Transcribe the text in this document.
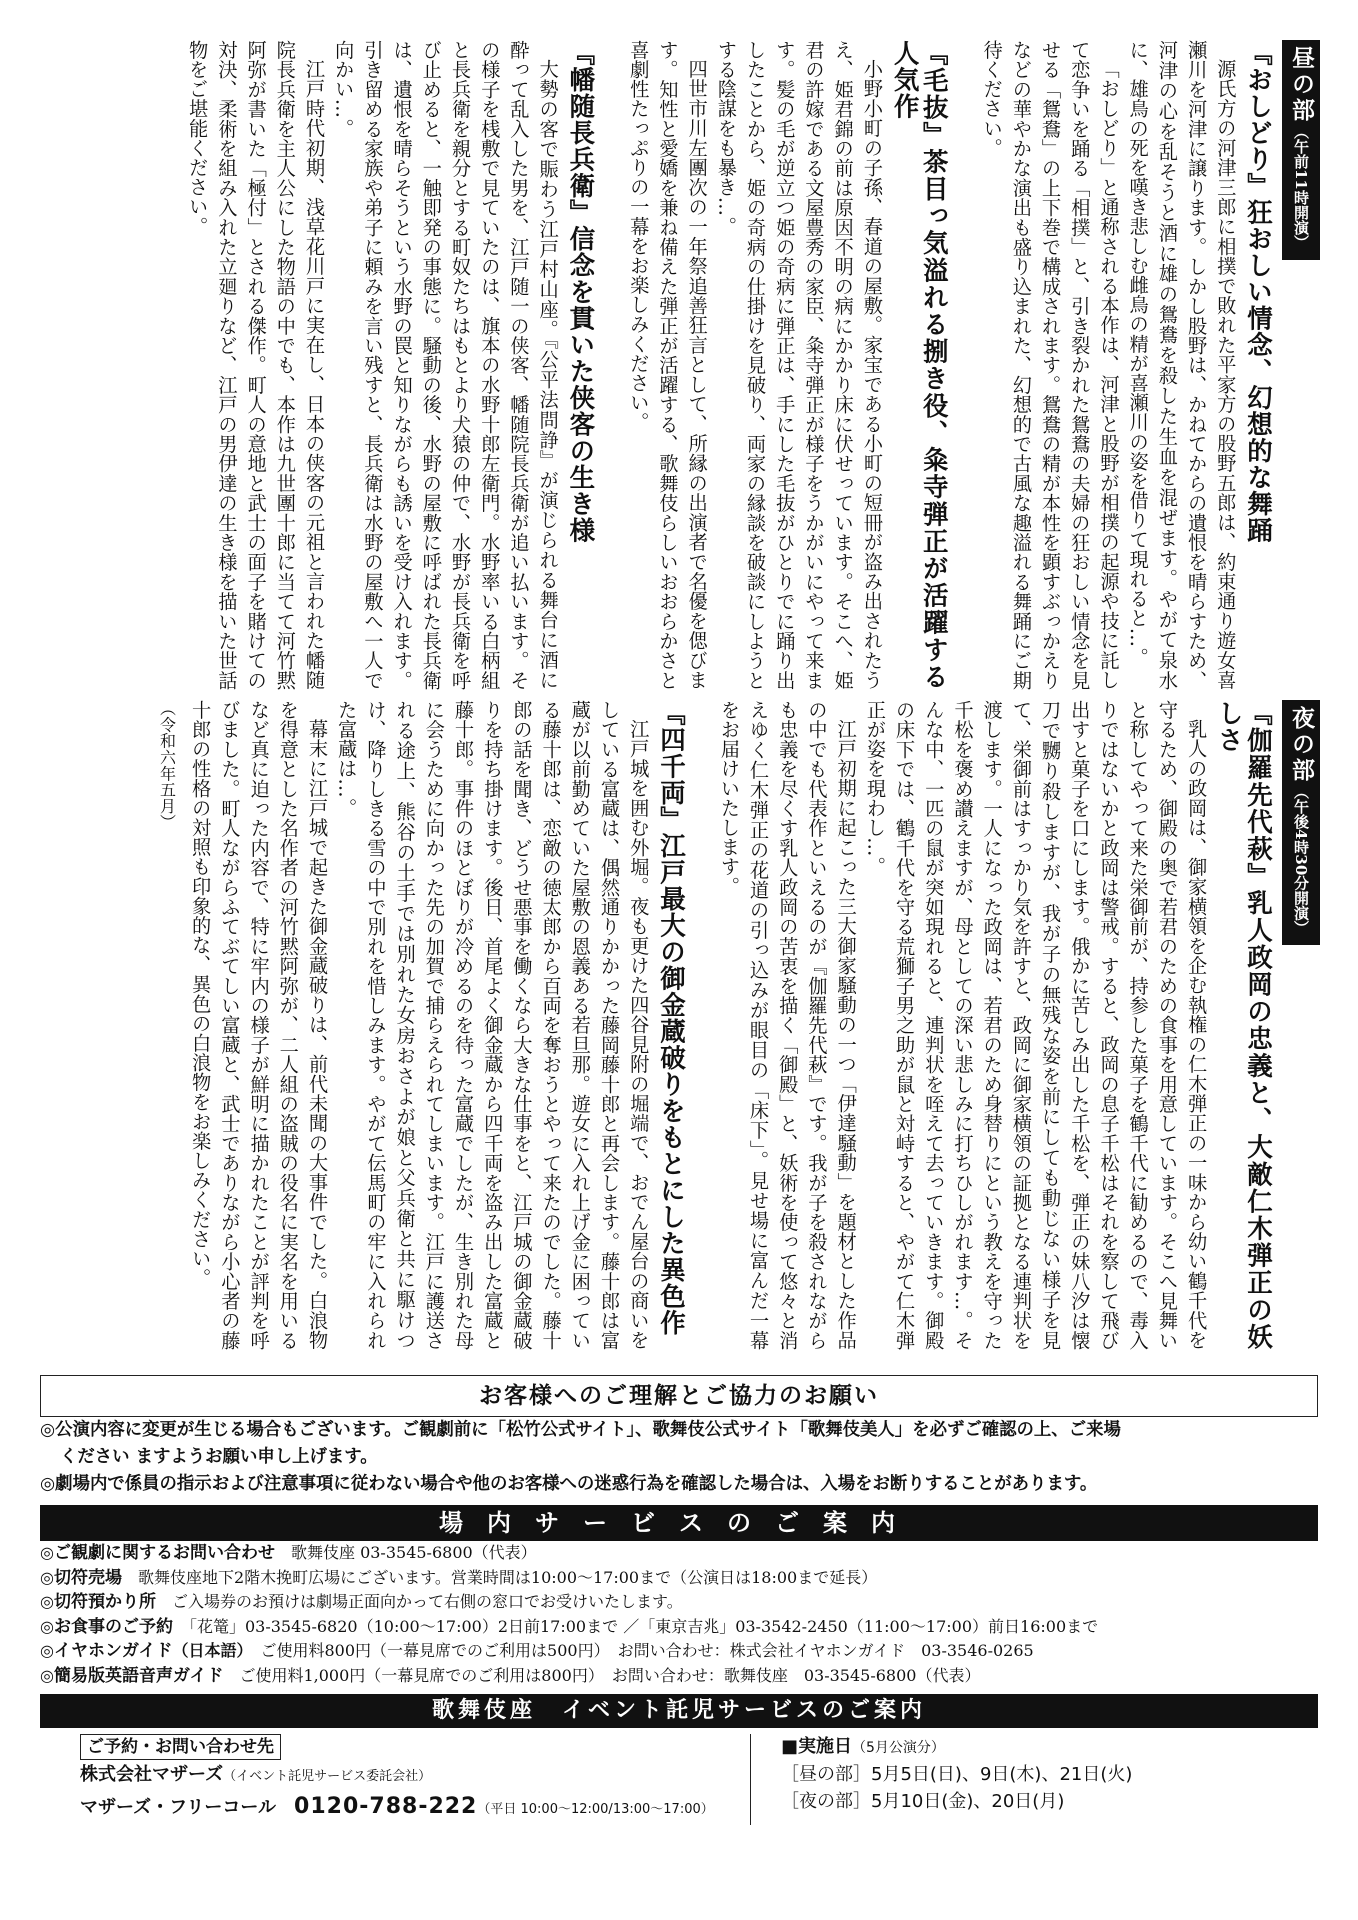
昼の部（午前11時開演）
『おしどり』狂おしい情念、幻想的な舞踊
源氏方の河津三郎に相撲で敗れた平家方の股野五郎は、約束通り遊女喜瀬川を河津に譲ります。しかし股野は、かねてからの遺恨を晴らすため、河津の心を乱そうと酒に雄の鴛鴦を殺した生血を混ぜます。やがて泉水に、雄鳥の死を嘆き悲しむ雌鳥の精が喜瀬川の姿を借りて現れると…。
「おしどり」と通称される本作は、河津と股野が相撲の起源や技に託して恋争いを踊る「相撲」と、引き裂かれた鴛鴦の夫婦の狂おしい情念を見せる「鴛鴦」の上下巻で構成されます。鴛鴦の精が本性を顕すぶっかえりなどの華やかな演出も盛り込まれた、幻想的で古風な趣溢れる舞踊にご期待ください。
『毛抜』茶目っ気溢れる捌き役、粂寺弾正が活躍する人気作
小野小町の子孫、春道の屋敷。家宝である小町の短冊が盗み出されたうえ、姫君錦の前は原因不明の病にかかり床に伏せっています。そこへ、姫君の許嫁である文屋豊秀の家臣、粂寺弾正が様子をうかがいにやって来ます。髪の毛が逆立つ姫の奇病に弾正は、手にした毛抜がひとりでに踊り出したことから、姫の奇病の仕掛けを見破り、両家の縁談を破談にしようとする陰謀をも暴き…。
四世市川左團次の一年祭追善狂言として、所縁の出演者で名優を偲びます。知性と愛嬌を兼ね備えた弾正が活躍する、歌舞伎らしいおおらかさと喜劇性たっぷりの一幕をお楽しみください。
『幡随長兵衛』信念を貫いた侠客の生き様
大勢の客で賑わう江戸村山座。『公平法問諍』が演じられる舞台に酒に酔って乱入した男を、江戸随一の侠客、幡随院長兵衛が追い払います。その様子を桟敷で見ていたのは、旗本の水野十郎左衛門。水野率いる白柄組と長兵衛を親分とする町奴たちはもとより犬猿の仲で、水野が長兵衛を呼び止めると、一触即発の事態に。騒動の後、水野の屋敷に呼ばれた長兵衛は、遺恨を晴らそうという水野の罠と知りながらも誘いを受け入れます。引き留める家族や弟子に頼みを言い残すと、長兵衛は水野の屋敷へ一人で向かい…。
江戸時代初期、浅草花川戸に実在し、日本の侠客の元祖と言われた幡随院長兵衛を主人公にした物語の中でも、本作は九世團十郎に当てて河竹黙阿弥が書いた「極付」とされる傑作。町人の意地と武士の面子を賭けての対決、柔術を組み入れた立廻りなど、江戸の男伊達の生き様を描いた世話物をご堪能ください。
夜の部（午後4時30分開演）
『伽羅先代萩』乳人政岡の忠義と、大敵仁木弾正の妖しさ
乳人の政岡は、御家横領を企む執権の仁木弾正の一味から幼い鶴千代を守るため、御殿の奥で若君のための食事を用意しています。そこへ見舞いと称してやって来た栄御前が、持参した菓子を鶴千代に勧めるので、毒入りではないかと政岡は警戒。すると、政岡の息子千松はそれを察して飛び出すと菓子を口にします。俄かに苦しみ出した千松を、弾正の妹八汐は懐刀で嬲り殺しますが、我が子の無残な姿を前にしても動じない様子を見て、栄御前はすっかり気を許すと、政岡に御家横領の証拠となる連判状を渡します。一人になった政岡は、若君のため身替りにという教えを守った千松を褒め讃えますが、母としての深い悲しみに打ちひしがれます…。そんな中、一匹の鼠が突如現れると、連判状を咥えて去っていきます。御殿の床下では、鶴千代を守る荒獅子男之助が鼠と対峙すると、やがて仁木弾正が姿を現わし…。
江戸初期に起こった三大御家騒動の一つ「伊達騒動」を題材とした作品の中でも代表作といえるのが『伽羅先代萩』です。我が子を殺されながらも忠義を尽くす乳人政岡の苦衷を描く「御殿」と、妖術を使って悠々と消えゆく仁木弾正の花道の引っ込みが眼目の「床下」。見せ場に富んだ一幕をお届けいたします。
『四千両』江戸最大の御金蔵破りをもとにした異色作
江戸城を囲む外堀。夜も更けた四谷見附の堀端で、おでん屋台の商いをしている富蔵は、偶然通りかかった藤岡藤十郎と再会します。藤十郎は富蔵が以前勤めていた屋敷の恩義ある若旦那。遊女に入れ上げ金に困っている藤十郎は、恋敵の徳太郎から百両を奪おうとやって来たのでした。藤十郎の話を聞き、どうせ悪事を働くなら大きな仕事をと、江戸城の御金蔵破りを持ち掛けます。後日、首尾よく御金蔵から四千両を盗み出した富蔵と藤十郎。事件のほとぼりが冷めるのを待った富蔵でしたが、生き別れた母に会うために向かった先の加賀で捕らえられてしまいます。江戸に護送される途上、熊谷の土手では別れた女房おさよが娘と父兵衛と共に駆けつけ、降りしきる雪の中で別れを惜しみます。やがて伝馬町の牢に入れられた富蔵は…。
幕末に江戸城で起きた御金蔵破りは、前代未聞の大事件でした。白浪物を得意とした名作者の河竹黙阿弥が、二人組の盗賊の役名に実名を用いるなど真に迫った内容で、特に牢内の様子が鮮明に描かれたことが評判を呼びました。町人ながらふてぶてしい富蔵と、武士でありながら小心者の藤十郎の性格の対照も印象的な、異色の白浪物をお楽しみください。
（令和六年五月）
お客様へのご理解とご協力のお願い
◎公演内容に変更が生じる場合もございます。ご観劇前に「松竹公式サイト」、歌舞伎公式サイト「歌舞伎美人」を必ずご確認の上、ご来場
ください ますようお願い申し上げます。
◎劇場内で係員の指示および注意事項に従わない場合や他のお客様への迷惑行為を確認した場合は、入場をお断りすることがあります。
場内サービスのご案内
◎ご観劇に関するお問い合わせ　 歌舞伎座 03-3545-6800（代表）
◎切符売場　 歌舞伎座地下2階木挽町広場にございます。営業時間は10:00〜17:00まで（公演日は18:00まで延長）
◎切符預かり所　 ご入場券のお預けは劇場正面向かって右側の窓口でお受けいたします。
◎お食事のご予約　 「花篭」03-3545-6820（10:00〜17:00）2日前17:00まで ／「東京吉兆」03-3542-2450（11:00〜17:00）前日16:00まで
◎イヤホンガイド（日本語）　 ご使用料800円（一幕見席でのご利用は500円）　お問い合わせ：株式会社イヤホンガイド　03-3546-0265
◎簡易版英語音声ガイド　 ご使用料1,000円（一幕見席でのご利用は800円）　お問い合わせ：歌舞伎座　03-3545-6800（代表）
歌舞伎座　イベント託児サービスのご案内
ご予約・お問い合わせ先
株式会社マザーズ（イベント託児サービス委託会社）
マザーズ・フリーコール 0120-788-222（平日 10:00〜12:00/13:00〜17:00）
■実施日（5月公演分）
［昼の部］5月5日(日)、9日(木)、21日(火)
［夜の部］5月10日(金)、20日(月)
